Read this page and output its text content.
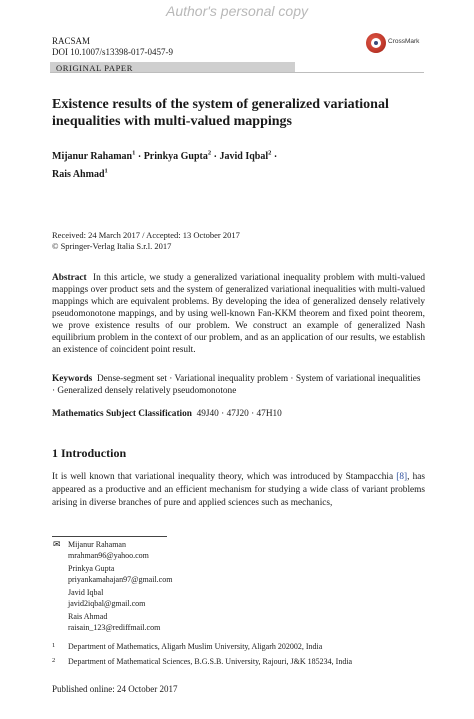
Author's personal copy
RACSAM
DOI 10.1007/s13398-017-0457-9
CrossMark
ORIGINAL PAPER
Existence results of the system of generalized variational inequalities with multi-valued mappings
Mijanur Rahaman$^1$ · Prinkya Gupta$^2$ · Javid Iqbal$^2$ ·
Rais Ahmad$^1$
Received: 24 March 2017 / Accepted: 13 October 2017
© Springer-Verlag Italia S.r.l. 2017
Abstract In this article, we study a generalized variational inequality problem with multi-valued mappings over product sets and the system of generalized variational inequalities with multi-valued mappings which are equivalent problems. By developing the idea of generalized densely relatively pseudomonotone mappings, and by using well-known Fan-KKM theorem and fixed point theorem, we prove existence results of our problem. We construct an example of generalized Nash equilibrium problem in the context of our problem, and as an application of our results, we establish an existence of coincident point result.
Keywords Dense-segment set · Variational inequality problem · System of variational inequalities · Generalized densely relatively pseudomonotone
Mathematics Subject Classification 49J40 · 47J20 · 47H10
1 Introduction
It is well known that variational inequality theory, which was introduced by Stampacchia [8], has appeared as a productive and an efficient mechanism for studying a wide class of variant problems arising in diverse branches of pure and applied sciences such as mechanics,
✉ Mijanur Rahaman
mrahman96@yahoo.com
Prinkya Gupta
priyankamahajan97@gmail.com
Javid Iqbal
javid2iqbal@gmail.com
Rais Ahmad
raisain_123@rediffmail.com
1 Department of Mathematics, Aligarh Muslim University, Aligarh 202002, India
2 Department of Mathematical Sciences, B.G.S.B. University, Rajouri, J&K 185234, India
Published online: 24 October 2017
